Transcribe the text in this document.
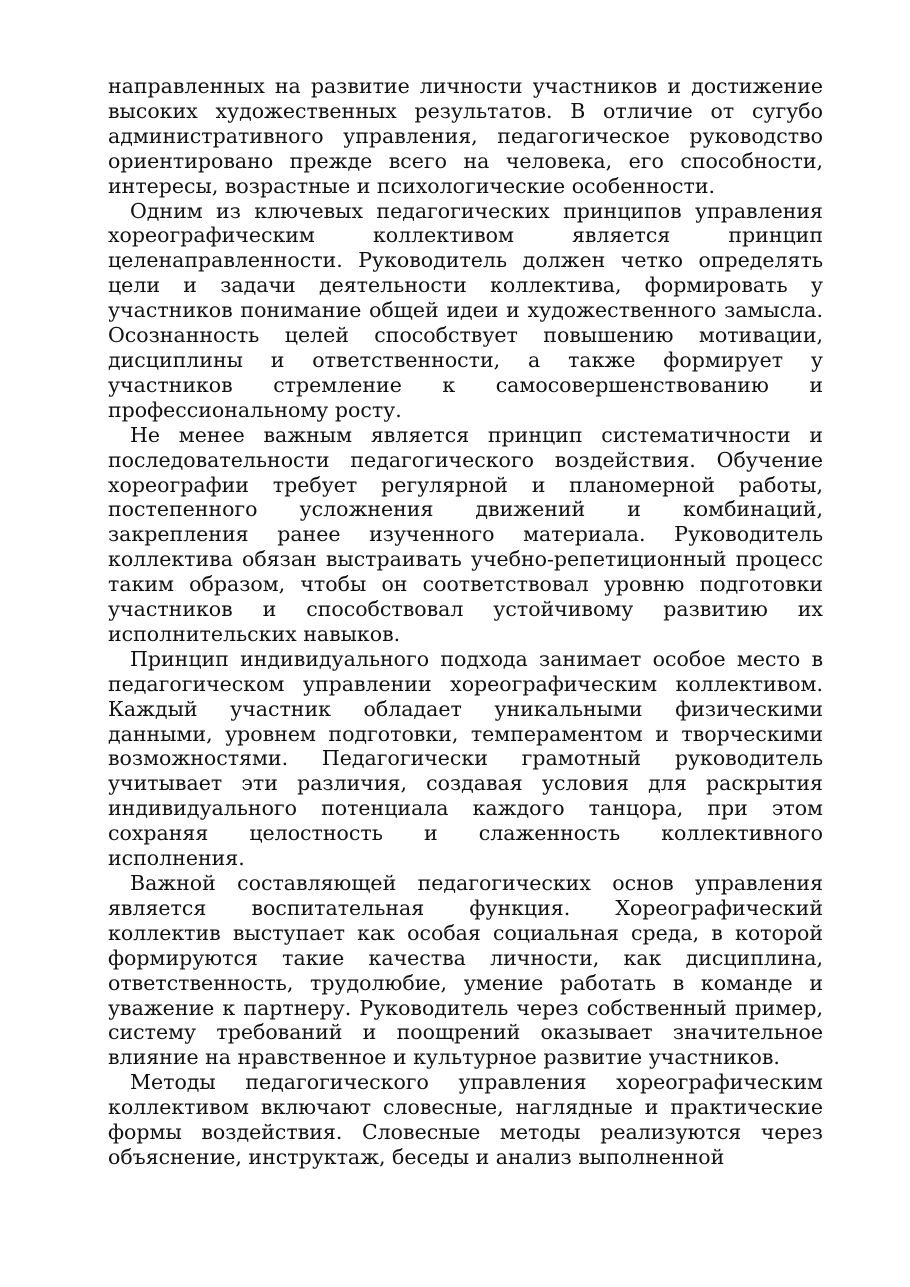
направленных на развитие личности участников и достижение высоких художественных результатов. В отличие от сугубо административного управления, педагогическое руководство ориентировано прежде всего на человека, его способности, интересы, возрастные и психологические особенности.

Одним из ключевых педагогических принципов управления хореографическим коллективом является принцип целенаправленности. Руководитель должен четко определять цели и задачи деятельности коллектива, формировать у участников понимание общей идеи и художественного замысла. Осознанность целей способствует повышению мотивации, дисциплины и ответственности, а также формирует у участников стремление к самосовершенствованию и профессиональному росту.

Не менее важным является принцип систематичности и последовательности педагогического воздействия. Обучение хореографии требует регулярной и планомерной работы, постепенного усложнения движений и комбинаций, закрепления ранее изученного материала. Руководитель коллектива обязан выстраивать учебно-репетиционный процесс таким образом, чтобы он соответствовал уровню подготовки участников и способствовал устойчивому развитию их исполнительских навыков.

Принцип индивидуального подхода занимает особое место в педагогическом управлении хореографическим коллективом. Каждый участник обладает уникальными физическими данными, уровнем подготовки, темпераментом и творческими возможностями. Педагогически грамотный руководитель учитывает эти различия, создавая условия для раскрытия индивидуального потенциала каждого танцора, при этом сохраняя целостность и слаженность коллективного исполнения.

Важной составляющей педагогических основ управления является воспитательная функция. Хореографический коллектив выступает как особая социальная среда, в которой формируются такие качества личности, как дисциплина, ответственность, трудолюбие, умение работать в команде и уважение к партнеру. Руководитель через собственный пример, систему требований и поощрений оказывает значительное влияние на нравственное и культурное развитие участников.

Методы педагогического управления хореографическим коллективом включают словесные, наглядные и практические формы воздействия. Словесные методы реализуются через объяснение, инструктаж, беседы и анализ выполненной
